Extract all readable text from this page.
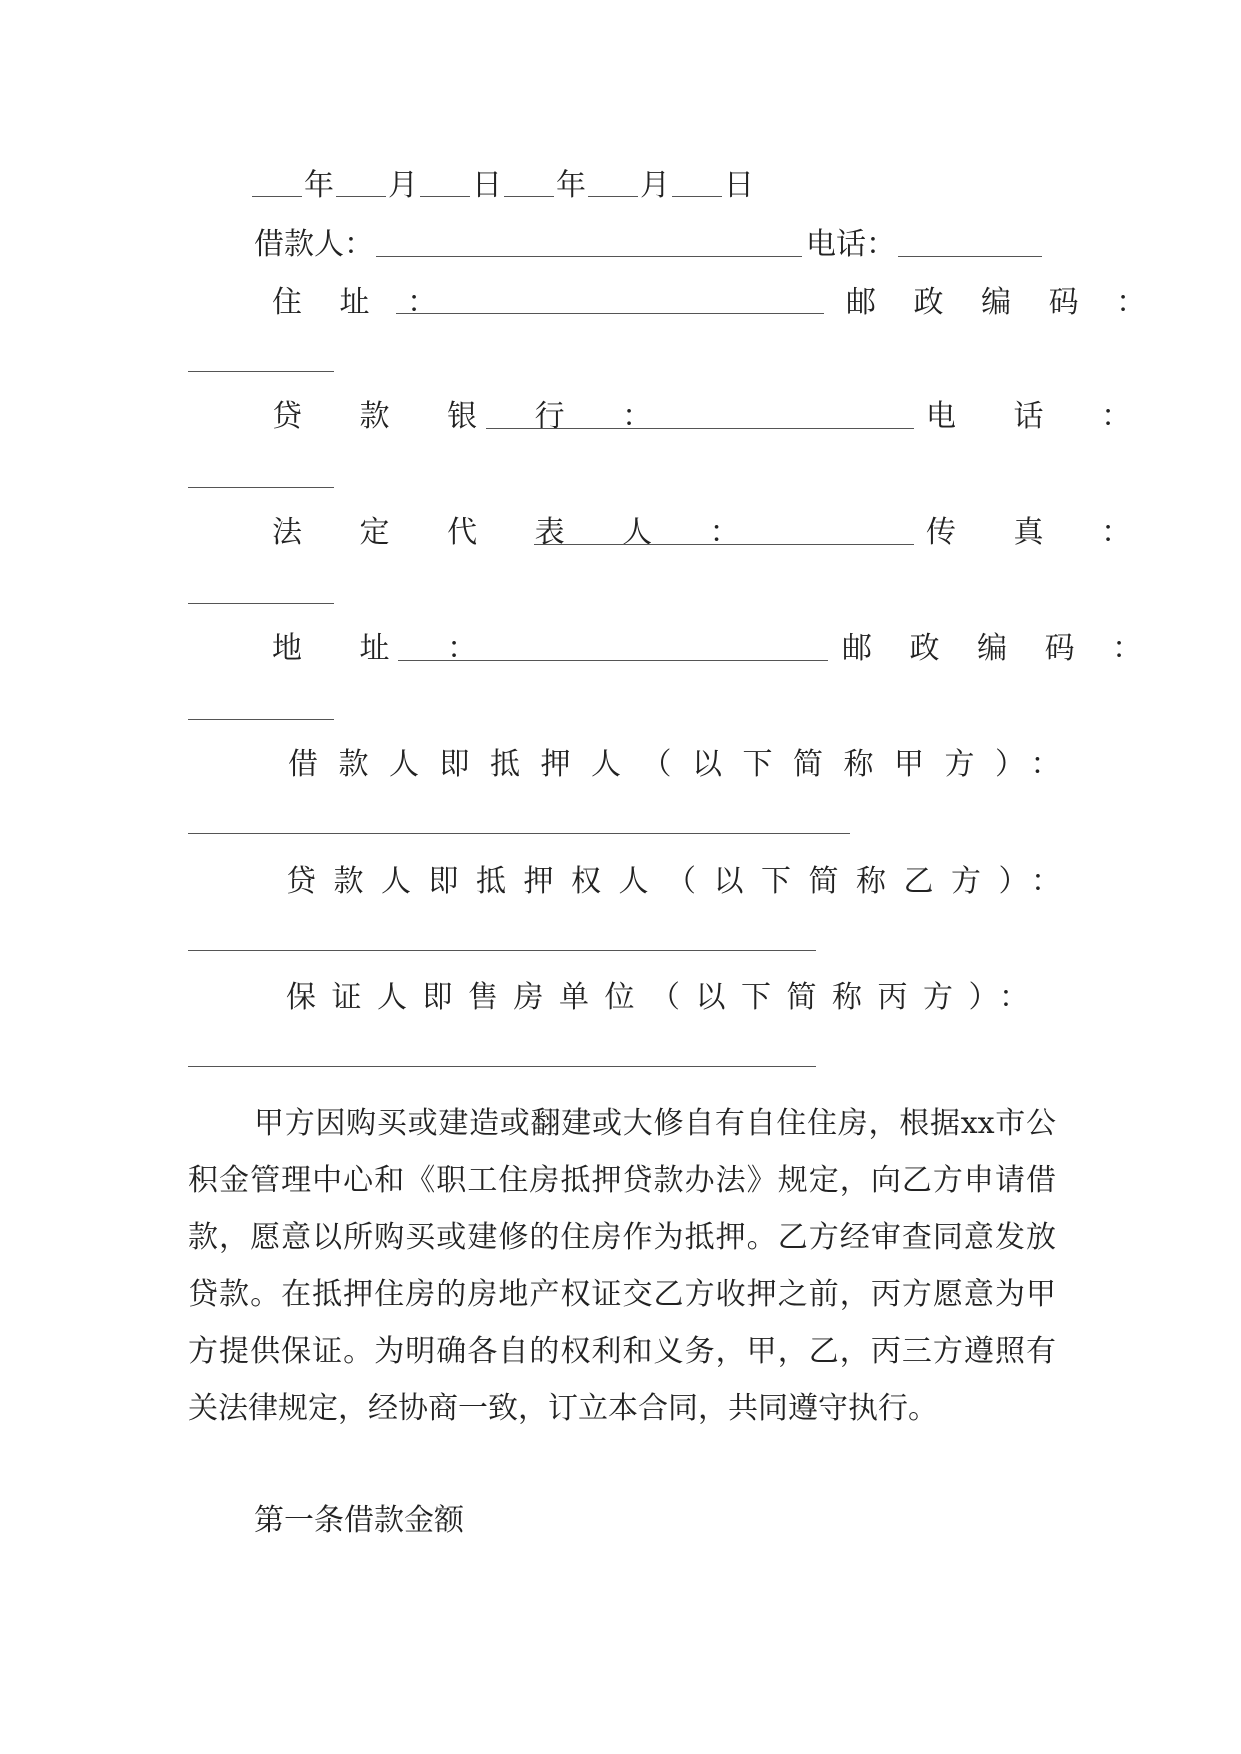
年 月 日 年 月 日
借款人：	电话：
住 址 ：	邮 政 编 码 ：
贷 款 银 行 ：	电 话 ：
法 定 代 表 人 ：	传 真 ：
地 址 ：	邮 政 编 码 ：
借款人即抵押人（以下简称甲方）：
贷款人即抵押权人（以下简称乙方）：
保证人即售房单位（以下简称丙方）：
甲方因购买或建造或翻建或大修自有自住住房，根据xx市公积金管理中心和《职工住房抵押贷款办法》规定，向乙方申请借款，愿意以所购买或建修的住房作为抵押。乙方经审查同意发放贷款。在抵押住房的房地产权证交乙方收押之前，丙方愿意为甲方提供保证。为明确各自的权利和义务，甲，乙，丙三方遵照有关法律规定，经协商一致，订立本合同，共同遵守执行。
第一条借款金额
